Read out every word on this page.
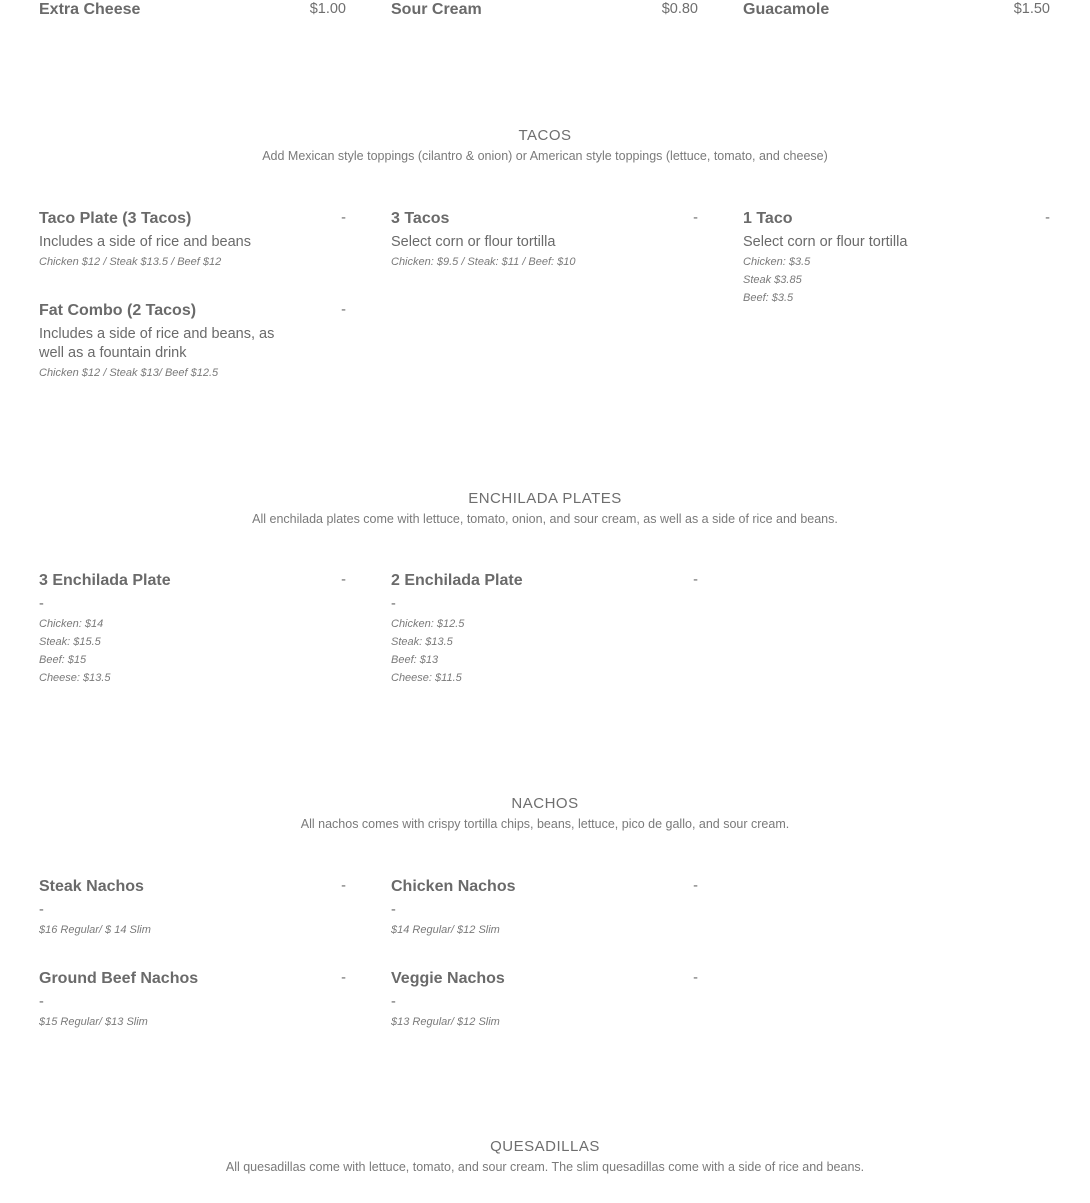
Extra Cheese	$1.00	Sour Cream	$0.80	Guacamole	$1.50
TACOS

Add Mexican style toppings (cilantro & onion) or American style toppings (lettuce, tomato, and cheese)

Taco Plate (3 Tacos)	-
Includes a side of rice and beans
Chicken $12 / Steak $13.5 / Beef $12
3 Tacos	-
Select corn or flour tortilla
Chicken: $9.5 / Steak: $11 / Beef: $10
1 Taco	-
Select corn or flour tortilla
Chicken: $3.5
Steak $3.85
Beef: $3.5
Fat Combo (2 Tacos)	-
Includes a side of rice and beans, as well as a fountain drink
Chicken $12 / Steak $13/ Beef $12.5
ENCHILADA PLATES

All enchilada plates come with lettuce, tomato, onion, and sour cream, as well as a side of rice and beans.

3 Enchilada Plate	-
-
Chicken: $14
Steak: $15.5
Beef: $15
Cheese: $13.5
2 Enchilada Plate	-
-
Chicken: $12.5
Steak: $13.5
Beef: $13
Cheese: $11.5
NACHOS

All nachos comes with crispy tortilla chips, beans, lettuce, pico de gallo, and sour cream.

Steak Nachos	-
-
$16 Regular/ $ 14 Slim
Chicken Nachos	-
-
$14 Regular/ $12 Slim
Ground Beef Nachos	-
-
$15 Regular/ $13 Slim
Veggie Nachos	-
-
$13 Regular/ $12 Slim
QUESADILLAS

All quesadillas come with lettuce, tomato, and sour cream. The slim quesadillas come with a side of rice and beans.
